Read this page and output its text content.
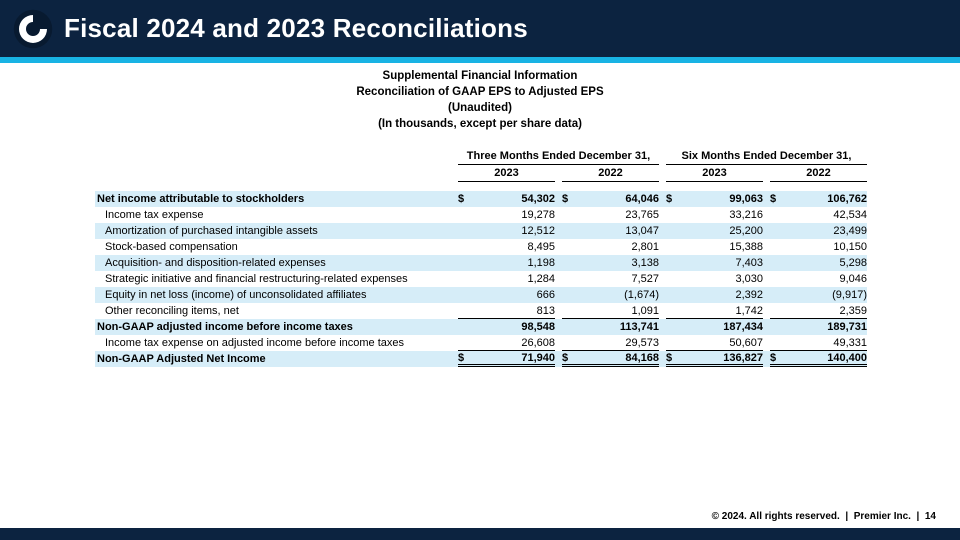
Fiscal 2024 and 2023 Reconciliations
Supplemental Financial Information
Reconciliation of GAAP EPS to Adjusted EPS
(Unaudited)
(In thousands, except per share data)
Three Months Ended December 31,	Six Months Ended December 31,
2023	2022	2023	2022
Net income attributable to stockholders	$	54,302 $	64,046 $	99,063 $	106,762
Income tax expense	19,278	23,765	33,216	42,534
Amortization of purchased intangible assets	12,512	13,047	25,200	23,499
Stock-based compensation	8,495	2,801	15,388	10,150
Acquisition- and disposition-related expenses	1,198	3,138	7,403	5,298
Strategic initiative and financial restructuring-related expenses	1,284	7,527	3,030	9,046
Equity in net loss (income) of unconsolidated affiliates	666	(1,674)	2,392	(9,917)
Other reconciling items, net	813	1,091	1,742	2,359
Non-GAAP adjusted income before income taxes	98,548	113,741	187,434	189,731
Income tax expense on adjusted income before income taxes	26,608	29,573	50,607	49,331
Non-GAAP Adjusted Net Income	$	71,940 $	84,168 $	136,827 $	140,400
© 2024. All rights reserved.  |  Premier Inc.  |  14
